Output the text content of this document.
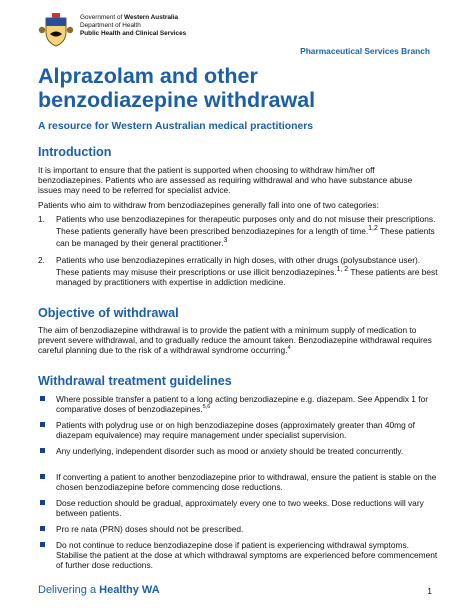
Government of Western Australia
Department of Health
Public Health and Clinical Services
Pharmaceutical Services Branch
Alprazolam and other
benzodiazepine withdrawal
A resource for Western Australian medical practitioners
Introduction
It is important to ensure that the patient is supported when choosing to withdraw him/her off benzodiazepines. Patients who are assessed as requiring withdrawal and who have substance abuse issues may need to be referred for specialist advice.
Patients who aim to withdraw from benzodiazepines generally fall into one of two categories:
1. Patients who use benzodiazepines for therapeutic purposes only and do not misuse their prescriptions. These patients generally have been prescribed benzodiazepines for a length of time.$^{1,2}$ These patients can be managed by their general practitioner.$^3$
2. Patients who use benzodiazepines erratically in high doses, with other drugs (polysubstance user). These patients may misuse their prescriptions or use illicit benzodiazepines.$^{1, 2}$ These patients are best managed by practitioners with expertise in addiction medicine.
Objective of withdrawal
The aim of benzodiazepine withdrawal is to provide the patient with a minimum supply of medication to prevent severe withdrawal, and to gradually reduce the amount taken. Benzodiazepine withdrawal requires careful planning due to the risk of a withdrawal syndrome occurring.$^4$
Withdrawal treatment guidelines
Where possible transfer a patient to a long acting benzodiazepine e.g. diazepam. See Appendix 1 for comparative doses of benzodiazepines.$^{5,6}$
Patients with polydrug use or on high benzodiazepine doses (approximately greater than 40mg of diazepam equivalence) may require management under specialist supervision.
Any underlying, independent disorder such as mood or anxiety should be treated concurrently.
If converting a patient to another benzodiazepine prior to withdrawal, ensure the patient is stable on the chosen benzodiazepine before commencing dose reductions.
Dose reduction should be gradual, approximately every one to two weeks. Dose reductions will vary between patients.
Pro re nata (PRN) doses should not be prescribed.
Do not continue to reduce benzodiazepine dose if patient is experiencing withdrawal symptoms. Stabilise the patient at the dose at which withdrawal symptoms are experienced before commencement of further dose reductions.
Delivering a Healthy WA	1
